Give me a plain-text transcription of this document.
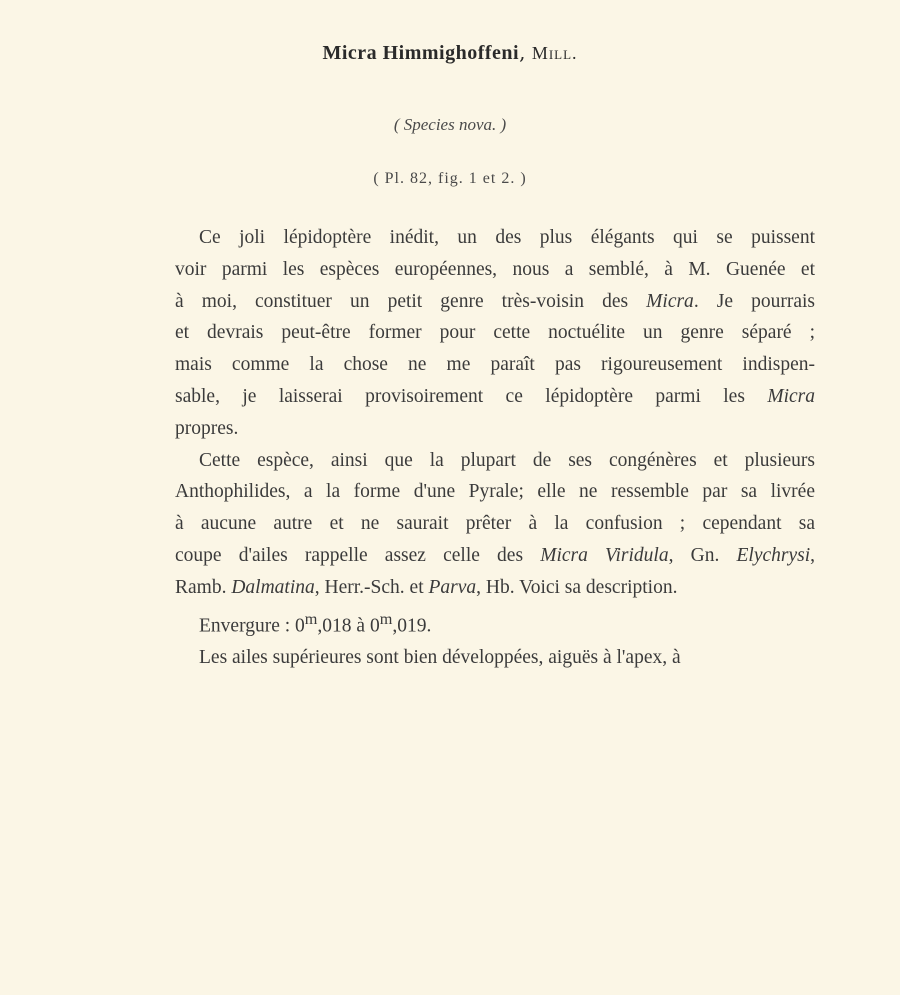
Micra Himmighoffeni, Mill.
( Species nova. )
( Pl. 82, fig. 1 et 2. )
Ce joli lépidoptère inédit, un des plus élégants qui se puissent
voir parmi les espèces européennes, nous a semblé, à M. Guenée et
à moi, constituer un petit genre très-voisin des Micra. Je pourrais
et devrais peut-être former pour cette noctuélite un genre séparé ;
mais comme la chose ne me paraît pas rigoureusement indispen-
sable, je laisserai provisoirement ce lépidoptère parmi les Micra
propres.
Cette espèce, ainsi que la plupart de ses congénères et plusieurs
Anthophilides, a la forme d'une Pyrale; elle ne ressemble par sa livrée
à aucune autre et ne saurait prêter à la confusion ; cependant sa
coupe d'ailes rappelle assez celle des Micra Viridula, Gn. Elychrysi,
Ramb. Dalmatina, Herr.-Sch. et Parva, Hb. Voici sa description.
Envergure : 0$^m$,018 à 0$^m$,019.
Les ailes supérieures sont bien développées, aiguës à l'apex, à
